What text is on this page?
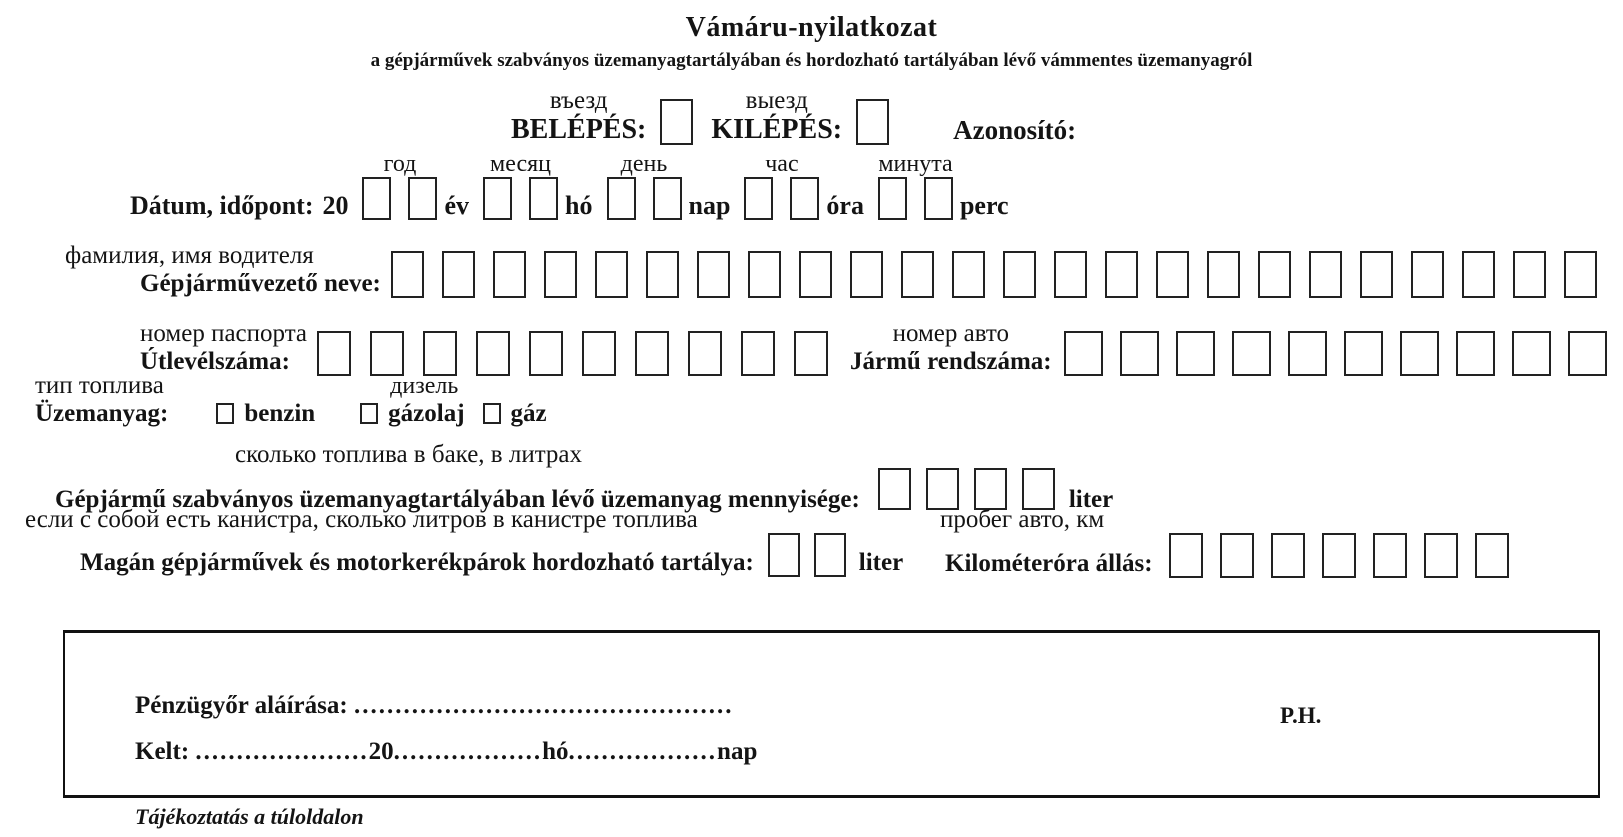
Vámáru-nyilatkozat
a gépjárművek szabványos üzemanyagtartályában és hordozható tartályában lévő vámmentes üzemanyagról
въезд
BELÉPÉS:
выезд
KILÉPÉS:	Azonosító:
Dátum, időpont: 20
год
év
месяц
hó
день
nap
час
óra
минута
perc
фамилия, имя водителя
Gépjárművezető neve:
номер паспорта
Útlevélszáma:
номер авто
Jármű rendszáma:
тип топлива
Üzemanyag:	benzin
дизель
gázolaj gáz
сколько топлива в баке, в литрах
Gépjármű szabványos üzemanyagtartályában lévő üzemanyag mennyisége:	liter
если с собой есть канистра, сколько литров в канистре топлива
Magán gépjárművek és motorkerékpárok hordozható tartálya:	liter
пробег авто, км
Kilométeróra állás:
Pénzügyőr aláírása: ..............................................
Kelt: .....................20..................hó..................nap
P.H.
Tájékoztatás a túloldalon
